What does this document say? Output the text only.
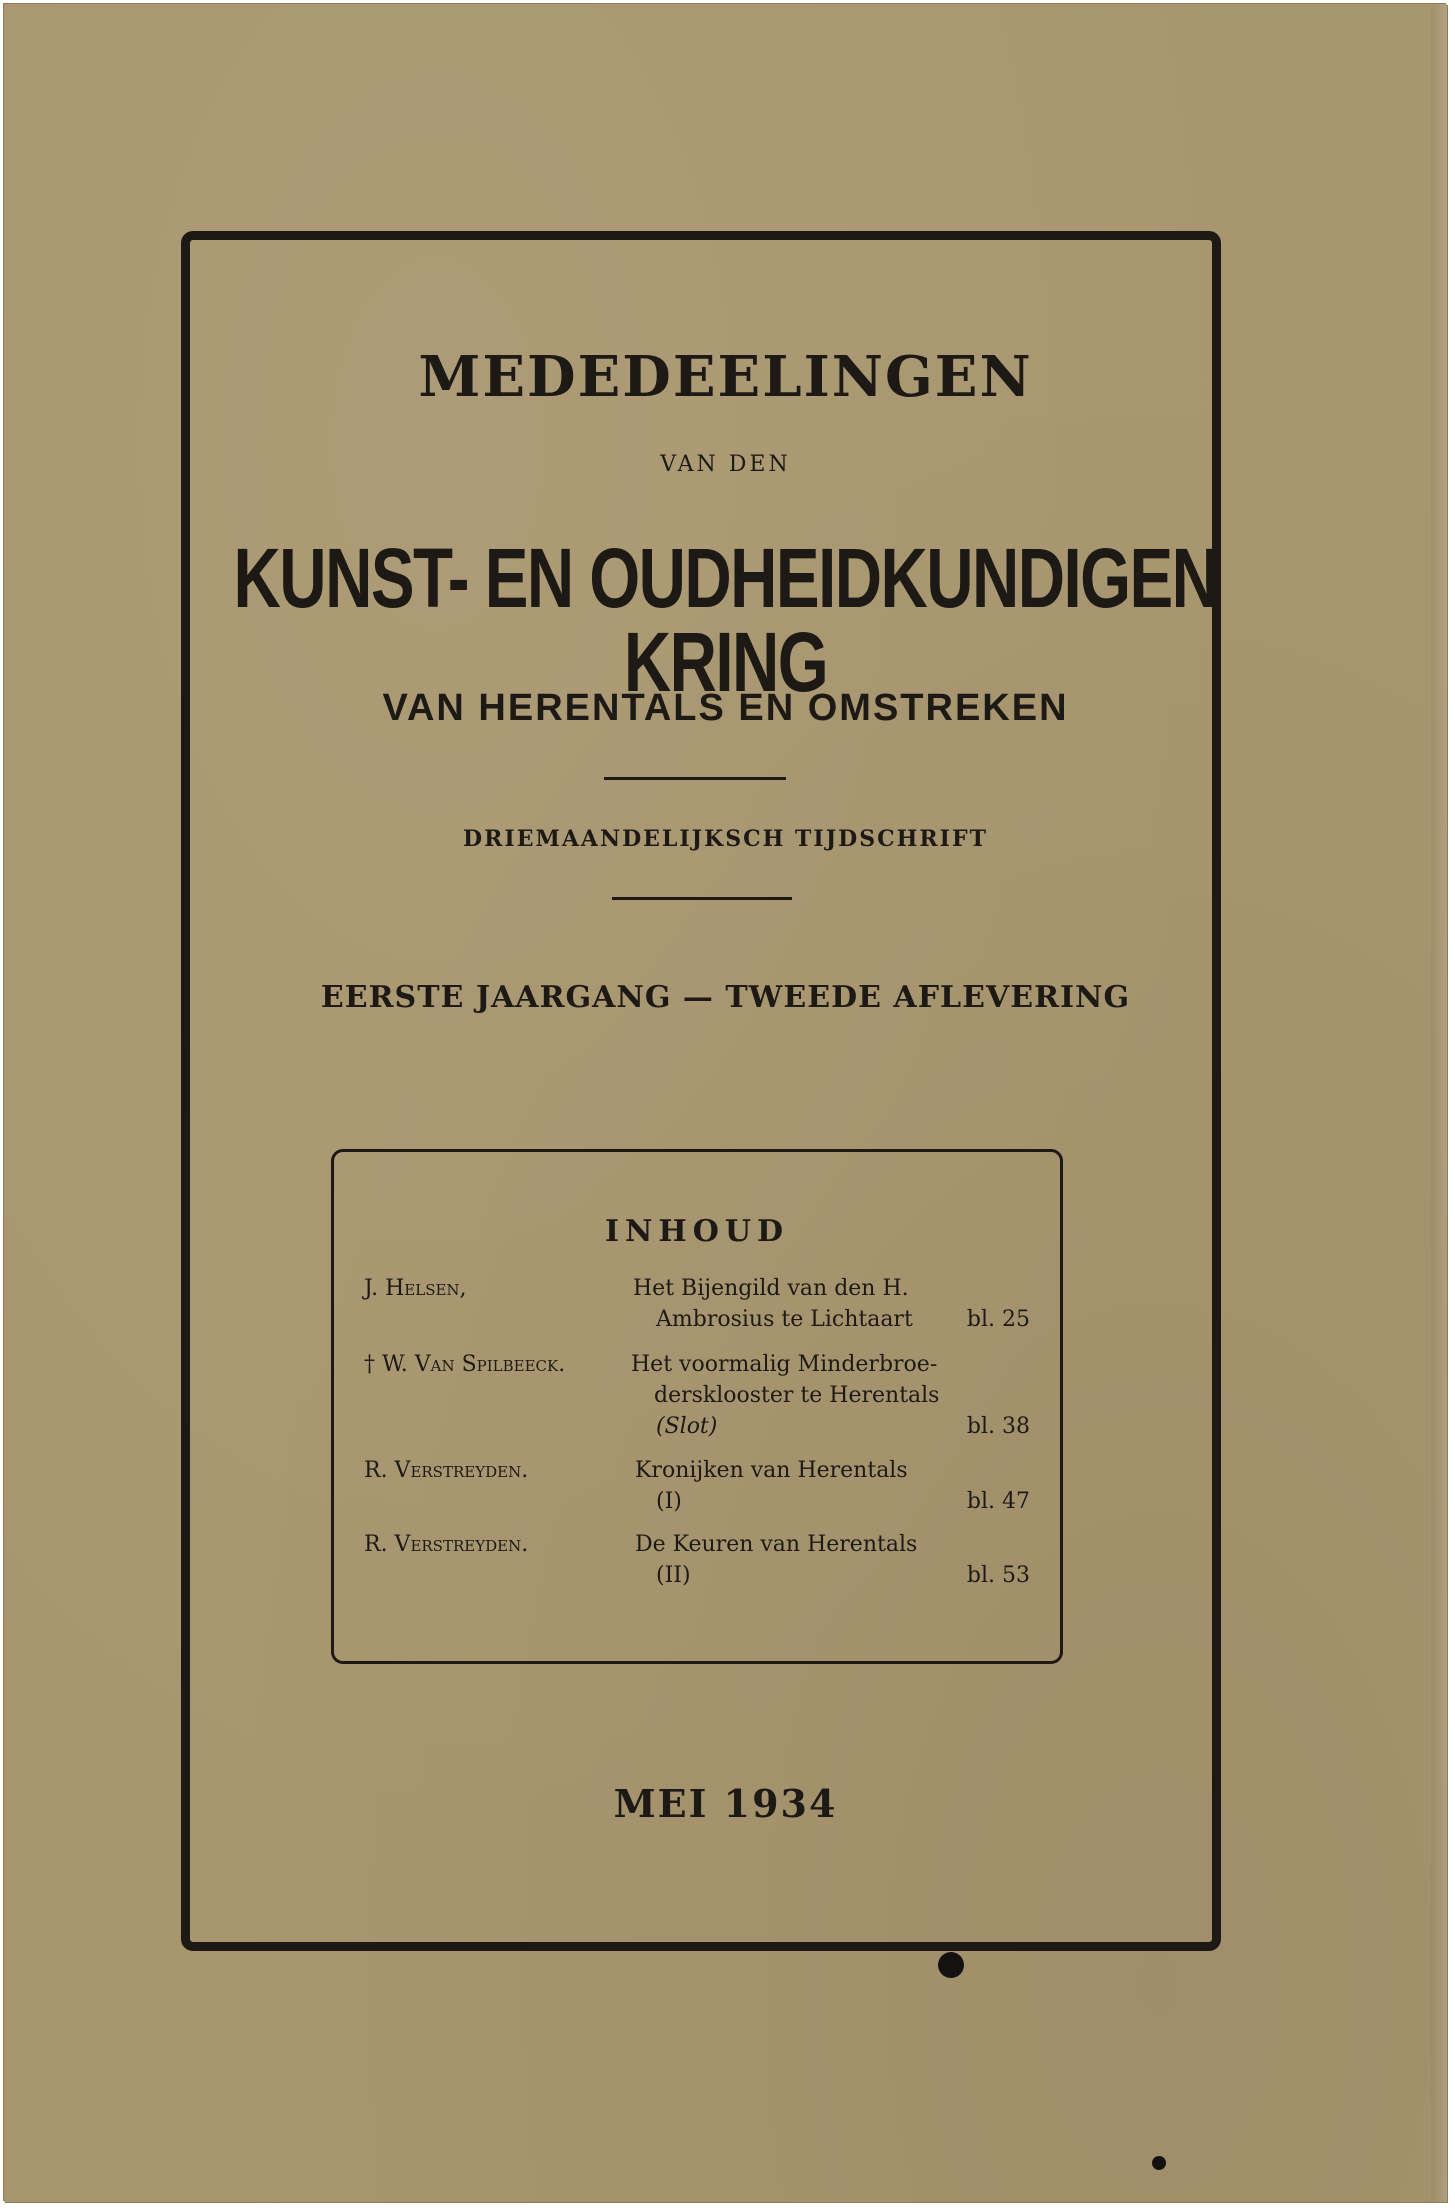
MEDEDEELINGEN
VAN DEN
KUNST- EN OUDHEIDKUNDIGEN KRING
VAN HERENTALS EN OMSTREKEN
DRIEMAANDELIJKSCH TIJDSCHRIFT
EERSTE JAARGANG — TWEEDE AFLEVERING
INHOUD
J. Helsen,	Het Bijengild van den H.
Ambrosius te Lichtaart bl. 25
† W. Van Spilbeeck.	Het voormalig Minderbroe-
dersklooster te Herentals
(Slot)	bl. 38
R. Verstreyden.	Kronijken van Herentals
(I)	bl. 47
R. Verstreyden.	De Keuren van Herentals
(II)	bl. 53
MEI 1934
